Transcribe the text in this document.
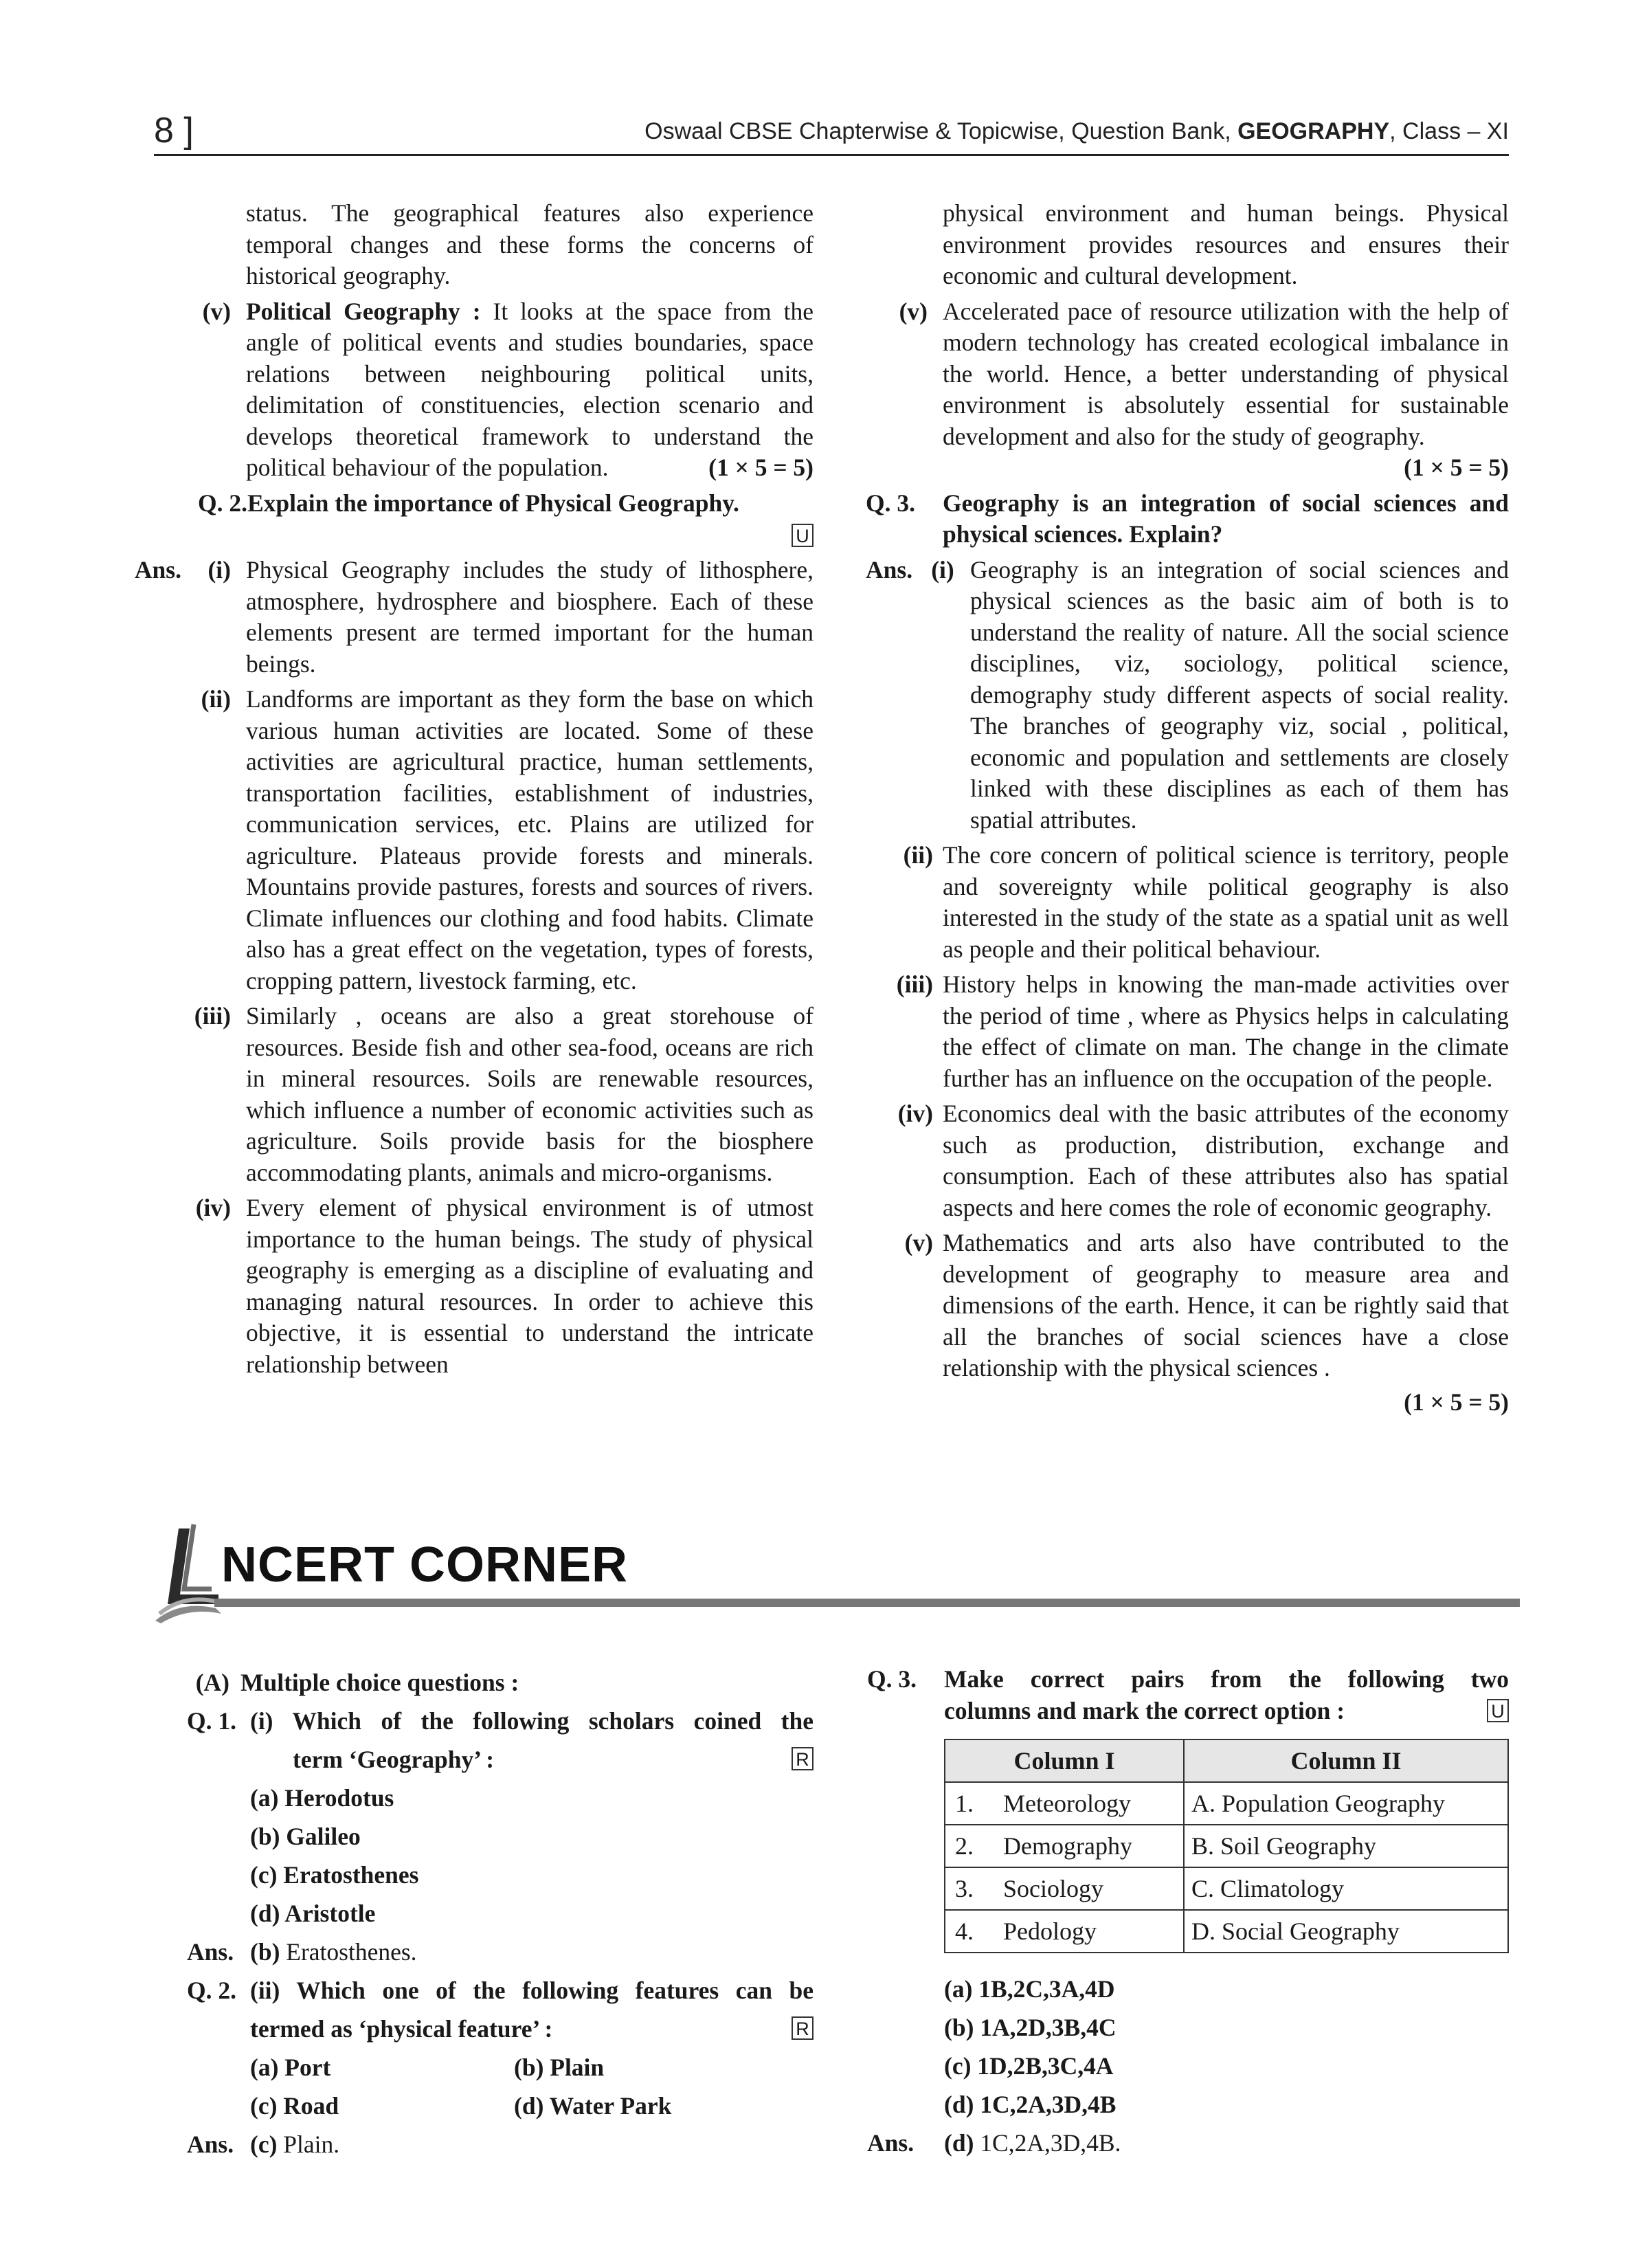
8 ]	Oswaal CBSE Chapterwise & Topicwise, Question Bank, GEOGRAPHY, Class – XI

status. The geographical features also experience temporal changes and these forms the concerns of historical geography.

(v) Political Geography : It looks at the space from the angle of political events and studies boundaries, space relations between neighbouring political units, delimitation of constituencies, election scenario and develops theoretical framework to understand the political behaviour of the population.	(1 × 5 = 5)
Q. 2. Explain the importance of Physical Geography.
U
Ans.	(i) Physical Geography includes the study of lithosphere, atmosphere, hydrosphere and biosphere. Each of these elements present are termed important for the human beings.
(ii) Landforms are important as they form the base on which various human activities are located. Some of these activities are agricultural practice, human settlements, transportation facilities, establishment of industries, communication services, etc. Plains are utilized for agriculture. Plateaus provide forests and minerals. Mountains provide pastures, forests and sources of rivers. Climate influences our clothing and food habits. Climate also has a great effect on the vegetation, types of forests, cropping pattern, livestock farming, etc.
(iii) Similarly , oceans are also a great storehouse of resources. Beside fish and other sea-food, oceans are rich in mineral resources. Soils are renewable resources, which influence a number of economic activities such as agriculture. Soils provide basis for the biosphere accommodating plants, animals and micro-organisms.
(iv) Every element of physical environment is of utmost importance to the human beings. The study of physical geography is emerging as a discipline of evaluating and managing natural resources. In order to achieve this objective, it is essential to understand the intricate relationship between

physical environment and human beings. Physical environment provides resources and ensures their economic and cultural development.

(v) Accelerated pace of resource utilization with the help of modern technology has created ecological imbalance in the world. Hence, a better understanding of physical environment is absolutely essential for sustainable development and also for the study of geography.
(1 × 5 = 5)
Q. 3.	Geography is an integration of social sciences and physical sciences. Explain?
Ans. (i) Geography is an integration of social sciences and physical sciences as the basic aim of both is to understand the reality of nature. All the social science disciplines, viz, sociology, political science, demography study different aspects of social reality. The branches of geography viz, social , political, economic and population and settlements are closely linked with these disciplines as each of them has spatial attributes.
(ii) The core concern of political science is territory, people and sovereignty while political geography is also interested in the study of the state as a spatial unit as well as people and their political behaviour.
(iii) History helps in knowing the man-made activities over the period of time , where as Physics helps in calculating the effect of climate on man. The change in the climate further has an influence on the occupation of the people.
(iv) Economics deal with the basic attributes of the economy such as production, distribution, exchange and consumption. Each of these attributes also has spatial aspects and here comes the role of economic geography.
(v) Mathematics and arts also have contributed to the development of geography to measure area and dimensions of the earth. Hence, it can be rightly said that all the branches of social sciences have a close relationship with the physical sciences .
(1 × 5 = 5)
NCERT CORNER
(A) Multiple choice questions :
Q. 1. (i) Which of the following scholars coined the
term ‘Geography’ :	R
(a) Herodotus
(b) Galileo
(c) Eratosthenes
(d) Aristotle
Ans. (b) Eratosthenes.
Q. 2. (ii) Which one of the following features can be
termed as ‘physical feature’ :	R
(a) Port	(b) Plain
(c) Road	(d) Water Park
Ans. (c) Plain.
Q. 3.	Make correct pairs from the following two
columns and mark the correct option :	U
Column I	Column II
1. Meteorology	A. Population Geography
2. Demography	B. Soil Geography
3. Sociology	C. Climatology
4. Pedology	D. Social Geography
(a) 1B,2C,3A,4D
(b) 1A,2D,3B,4C
(c) 1D,2B,3C,4A
(d) 1C,2A,3D,4B
Ans.	(d) 1C,2A,3D,4B.
